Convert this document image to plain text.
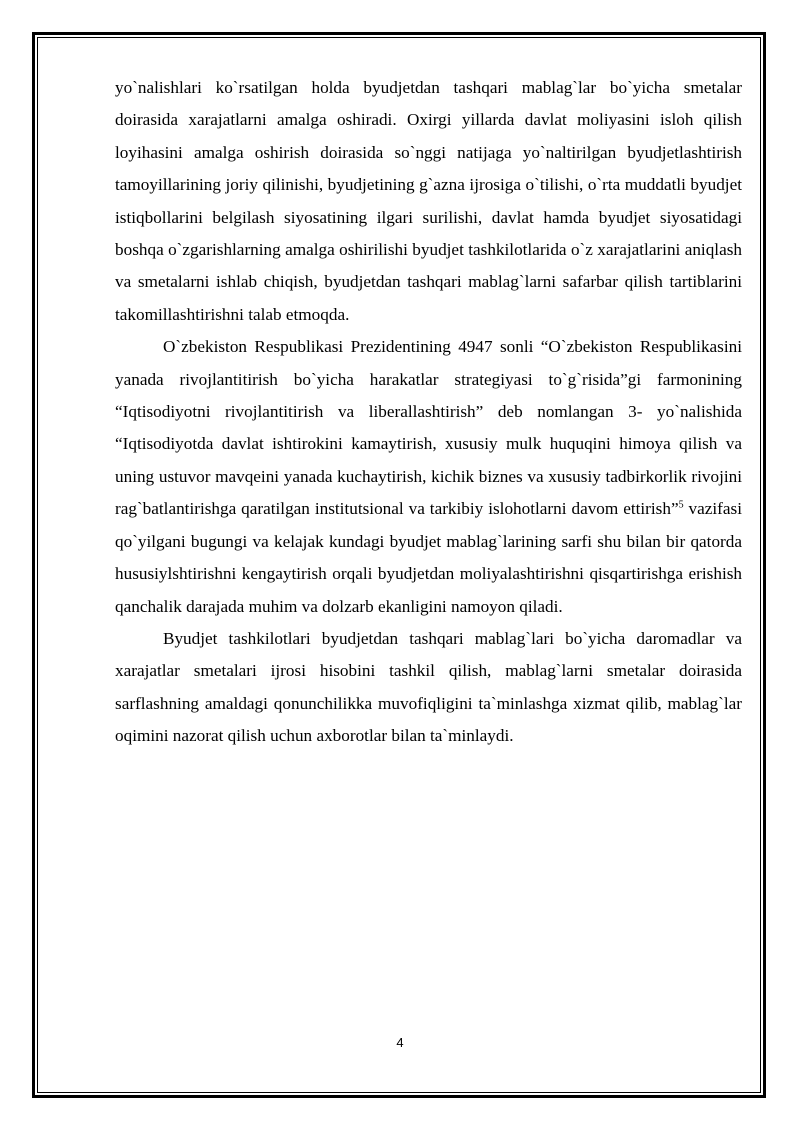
yo`nalishlari ko`rsatilgan holda byudjetdan tashqari mablag`lar bo`yicha smetalar doirasida xarajatlarni amalga oshiradi. Oxirgi yillarda davlat moliyasini isloh qilish loyihasini amalga oshirish doirasida so`nggi natijaga yo`naltirilgan byudjetlashtirish tamoyillarining joriy qilinishi, byudjetining g`azna ijrosiga o`tilishi, o`rta muddatli byudjet istiqbollarini belgilash siyosatining ilgari surilishi, davlat hamda byudjet siyosatidagi boshqa o`zgarishlarning amalga oshirilishi byudjet tashkilotlarida o`z xarajatlarini aniqlash va smetalarni ishlab chiqish, byudjetdan tashqari mablag`larni safarbar qilish tartiblarini takomillashtirishni talab etmoqda.

O`zbekiston Respublikasi Prezidentining 4947 sonli “O`zbekiston Respublikasini yanada rivojlantitirish bo`yicha harakatlar strategiyasi to`g`risida”gi farmonining “Iqtisodiyotni rivojlantitirish va liberallashtirish” deb nomlangan 3- yo`nalishida “Iqtisodiyotda davlat ishtirokini kamaytirish, xususiy mulk huquqini himoya qilish va uning ustuvor mavqeini yanada kuchaytirish, kichik biznes va xususiy tadbirkorlik rivojini rag`batlantirishga qaratilgan institutsional va tarkibiy islohotlarni davom ettirish”$^5$ vazifasi qo`yilgani bugungi va kelajak kundagi byudjet mablag`larining sarfi shu bilan bir qatorda hususiylshtirishni kengaytirish orqali byudjetdan moliyalashtirishni qisqartirishga erishish qanchalik darajada muhim va dolzarb ekanligini namoyon qiladi.

Byudjet tashkilotlari byudjetdan tashqari mablag`lari bo`yicha daromadlar va xarajatlar smetalari ijrosi hisobini tashkil qilish, mablag`larni smetalar doirasida sarflashning amaldagi qonunchilikka muvofiqligini ta`minlashga xizmat qilib, mablag`lar oqimini nazorat qilish uchun axborotlar bilan ta`minlaydi.

4
